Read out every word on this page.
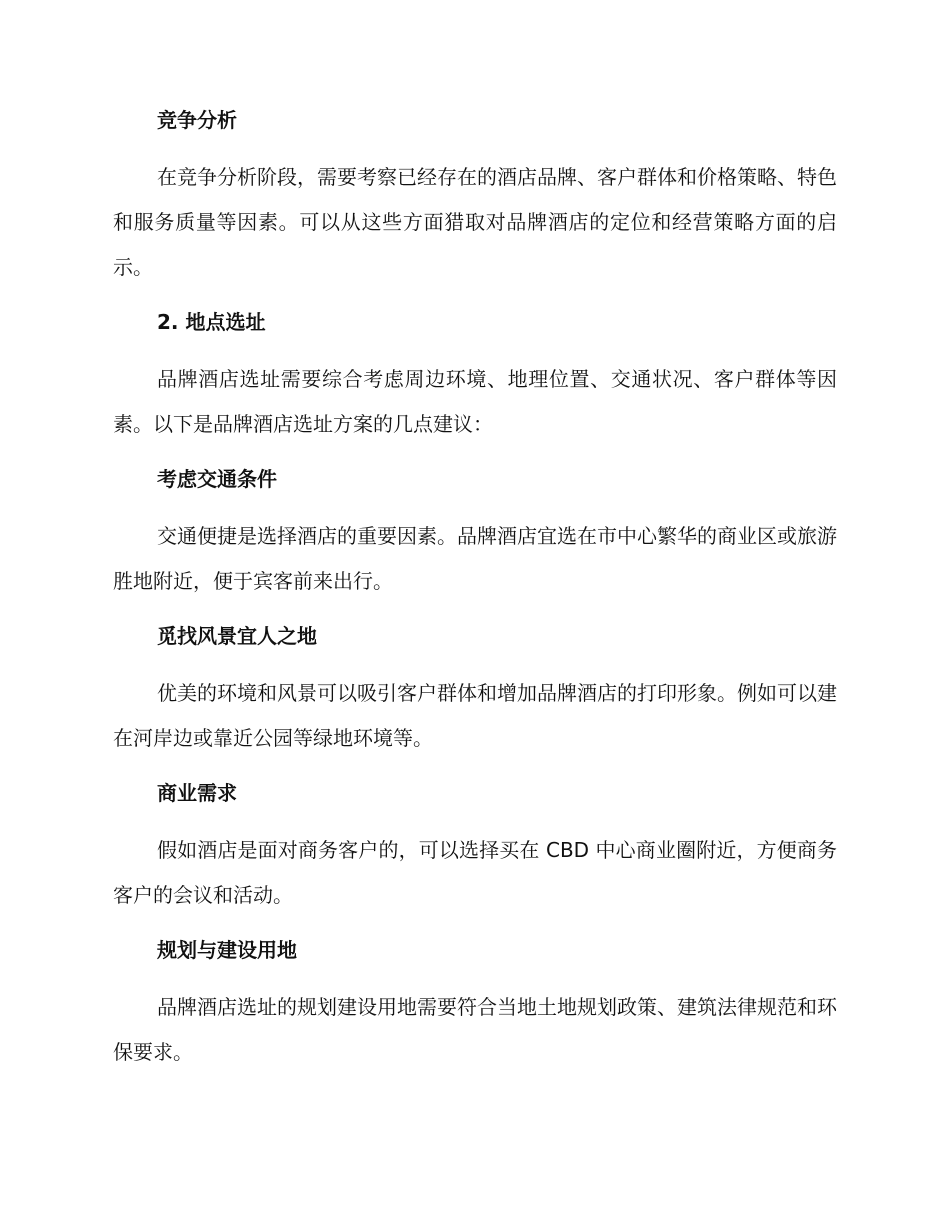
竞争分析

在竞争分析阶段，需要考察已经存在的酒店品牌、客户群体和价格策略、特色和服务质量等因素。可以从这些方面猎取对品牌酒店的定位和经营策略方面的启示。

2. 地点选址

品牌酒店选址需要综合考虑周边环境、地理位置、交通状况、客户群体等因素。以下是品牌酒店选址方案的几点建议：

考虑交通条件

交通便捷是选择酒店的重要因素。品牌酒店宜选在市中心繁华的商业区或旅游胜地附近，便于宾客前来出行。

觅找风景宜人之地

优美的环境和风景可以吸引客户群体和增加品牌酒店的打印形象。例如可以建在河岸边或靠近公园等绿地环境等。

商业需求

假如酒店是面对商务客户的，可以选择买在 CBD 中心商业圈附近，方便商务客户的会议和活动。

规划与建设用地

品牌酒店选址的规划建设用地需要符合当地土地规划政策、建筑法律规范和环保要求。
